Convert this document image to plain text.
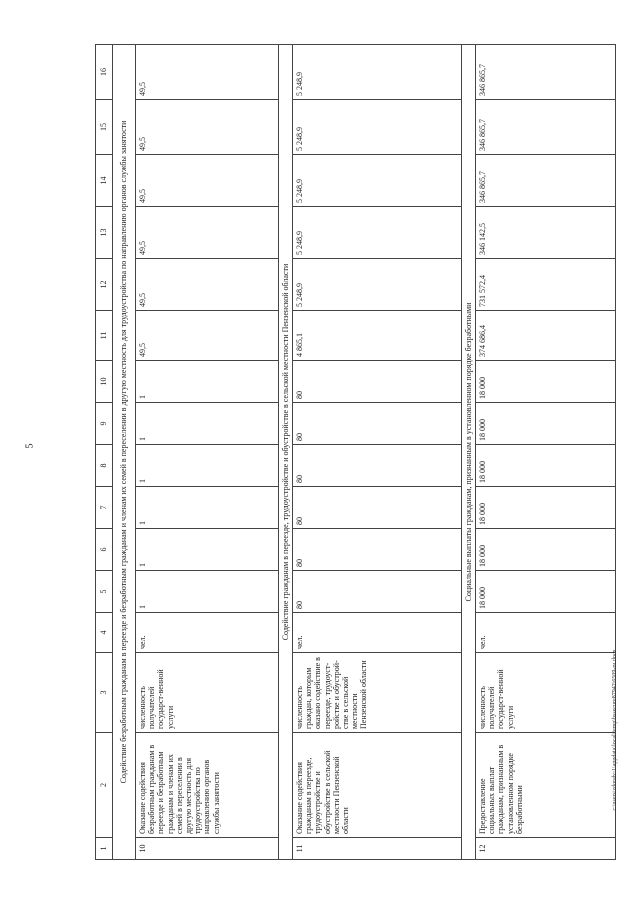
5
1	2	3	4	5	6	7	8	9	10	11	12	13	14	15	16
Содействие безработным гражданам в переезде и безработным гражданам и членам их семей в переселении в другую местность для трудоустройства по направлению органов службы занятости															
10	Оказание содействия безработным гражданам в переезде и безработным гражданам и членам их семей в переселении в другую местность для трудоустройства по направлению органов службы занятости	численность получателей государст-венной услуги	чел.	1	1	1	1	1	1	49,5	49,5	49,5	49,5	49,5	49,5
Содействие гражданам в переезде, трудоустройстве и обустройстве в сельской местности Пензенской области															
11	Оказание содействия гражданам в переезде, трудоустройстве и обустройстве в сельской местности Пензенской области	численность граждан, которым оказано содействие в переезде, трудоуст-ройстве и обустрой-стве в сельской местности Пензенской области	чел.	80	80	80	80	80	80	4 865,1	5 248,9	5 248,9	5 248,9	5 248,9	5 248,9
Социальные выплаты гражданам, признанным в установленном порядке безработными															
12	Предоставление социальных выплат гражданам, признанным в установленном порядке безработными	численность получателей государст-венной услуги	чел.	18 000	18 000	18 000	18 000	18 000	18 000	374 686,4	731 572,4	346 142,5	346 865,7	346 865,7	346 865,7
c:\users\zdorab~1\appdata\local\temp\bssecure87942\6509-ru.docx
